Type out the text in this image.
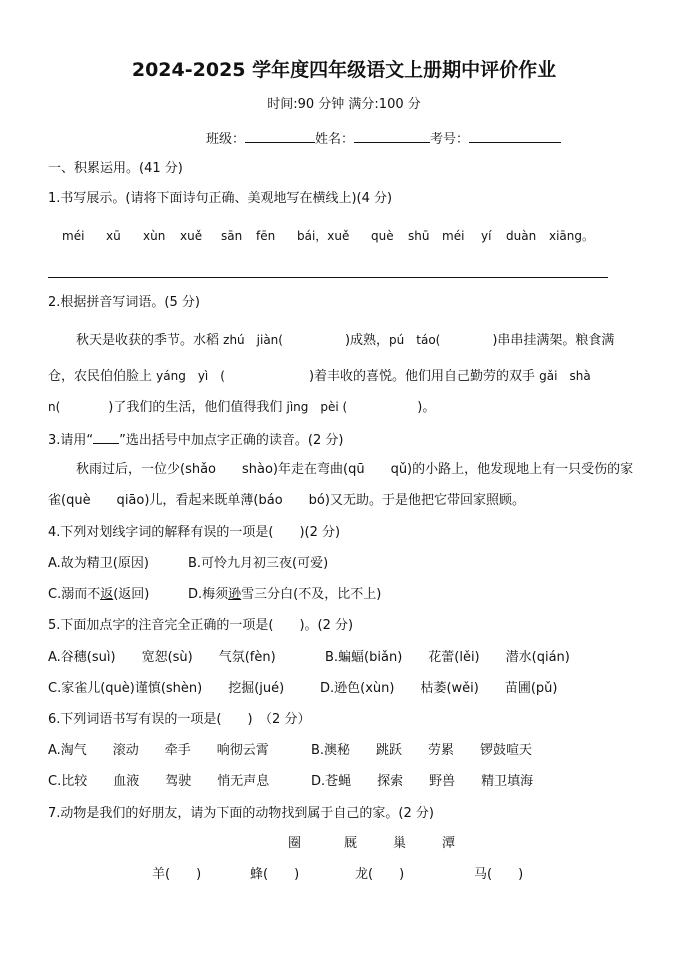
2024-2025 学年度四年级语文上册期中评价作业
时间:90 分钟 满分:100 分
班级：	姓名：	考号：
一、积累运用。(41 分)
1.书写展示。(请将下面诗句正确、美观地写在横线上)(4 分)
méi xū xùn xuě sān fēn bái，xuě què shū méi yí duàn xiāng。
2.根据拼音写词语。(5 分)
秋天是收获的季节。水稻 zhú　jiàn(	)成熟，pú　táo(	)串串挂满架。粮食满
仓，农民伯伯脸上 yáng　yì　(	)着丰收的喜悦。他们用自己勤劳的双手 gǎi　shà
n(	)了我们的生活，他们值得我们 jìng　pèi (	)。
3.请用“ ”选出括号中加点字正确的读音。(2 分)
秋雨过后，一位少(shǎo　　shào)年走在弯曲(qū　　qǔ)的小路上，他发现地上有一只受伤的家
雀(què　　qiāo)儿，看起来既单薄(báo　　bó)又无助。于是他把它带回家照顾。
4.下列对划线字词的解释有误的一项是(　　)(2 分)
A.故为精卫(原因)	B.可怜九月初三夜(可爱)
C.溺而不返(返回)	D.梅须逊雪三分白(不及，比不上)
5.下面加点字的注音完全正确的一项是(　　)。(2 分)
A.谷穗(suì)　　宽恕(sù)　　气氛(fèn)	B.蝙蝠(biǎn)　　花蕾(lěi)　　潜水(qián)
C.家雀儿(què)谨慎(shèn)　　挖掘(jué)	D.逊色(xùn)　　枯萎(wěi)　　苗圃(pǔ)
6.下列词语书写有误的一项是(　　)　（2 分）
A.淘气　　滚动　　牵手　　响彻云霄	B.澳秘　　跳跃　　劳累　　锣鼓喧天
C.比较　　血液　　驾驶　　悄无声息	D.苍蝇　　探索　　野兽　　精卫填海
7.动物是我们的好朋友，请为下面的动物找到属于自己的家。(2 分)
圈	厩	巢	潭
羊(　　)	蜂(　　)	龙(　　)	马(　　)
